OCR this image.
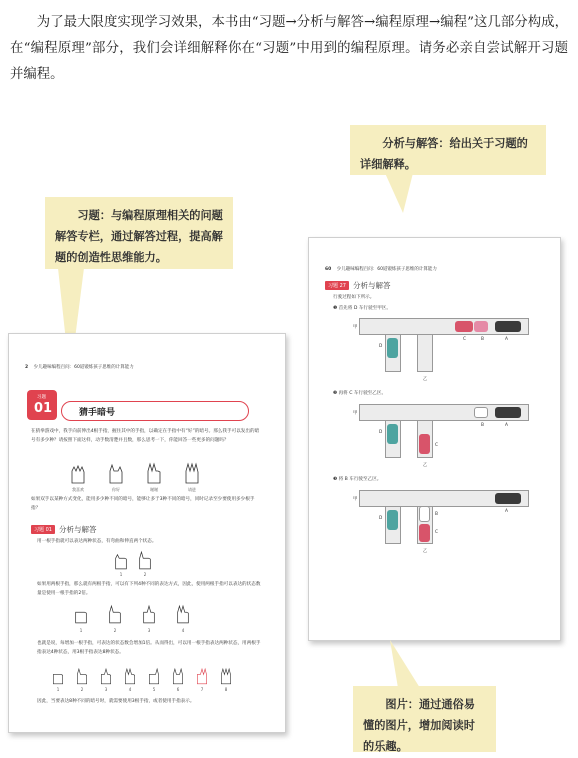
为了最大限度实现学习效果，本书由“习题→分析与解答→编程原理→编程”这几部分构成，在“编程原理”部分，我们会详细解释你在“习题”中用到的编程原理。请务必亲自尝试解开习题并编程。

分析与解答：给出关于习题的详细解释。
习题：与编程原理相关的问题解答专栏，通过解答过程，提高解题的创造性思维能力。
60 少儿趣味编程百问：60道锻炼孩子思维的计算能力
习题 27 分析与解答
行驶过程如下所示。
❶ 首先将 D 车行驶至甲区。
甲
D
C	B	A
乙
❷ 再将 C 车行驶至乙区。
甲
D
C
B	A
乙
❸ 将 B 车行驶至乙区。
甲
D
B
C
A
乙
2 少儿趣味编程百问：60道锻炼孩子思维的计算能力
习题
01	猜手暗号
在猜拳游戏中，我手向前伸出4根手指，握住其中的手指，以确定在手指中有“好”的暗号。那么我手可以发出的暗号有多少种？请按照下面这样，动手数清楚并且数，那么思考一下，你能回答一些更多的问题吗？
我喜欢	你好	谢谢	请进
如果双手以某种方式变化，能用多少种不同的暗号，能够让多于3种不同的暗号，同时记录至少要使用多少根手指？
习题 01 分析与解答
用一根手指就可以表达两种状态，有弯曲和伸直两个状态。
1	2
如果用两根手指，那么就有两根手指，可以有下列4种不同的表达方式，因此，使用两根手指可以表达的状态数量是使用一根手指的2倍。
1	2	3	4
也就是说，每增加一根手指，可表达的状态数会增加1倍。从而得出，可以用一根手指表达两种状态，用两根手指表达4种状态，用3根手指表达8种状态。
1	2	3	4	5	6	7	8
因此，当要表达8种不同的暗号时，就需要使用3根手指，或者使用手指表示。	图片：通过通俗易懂的图片，增加阅读时的乐趣。
